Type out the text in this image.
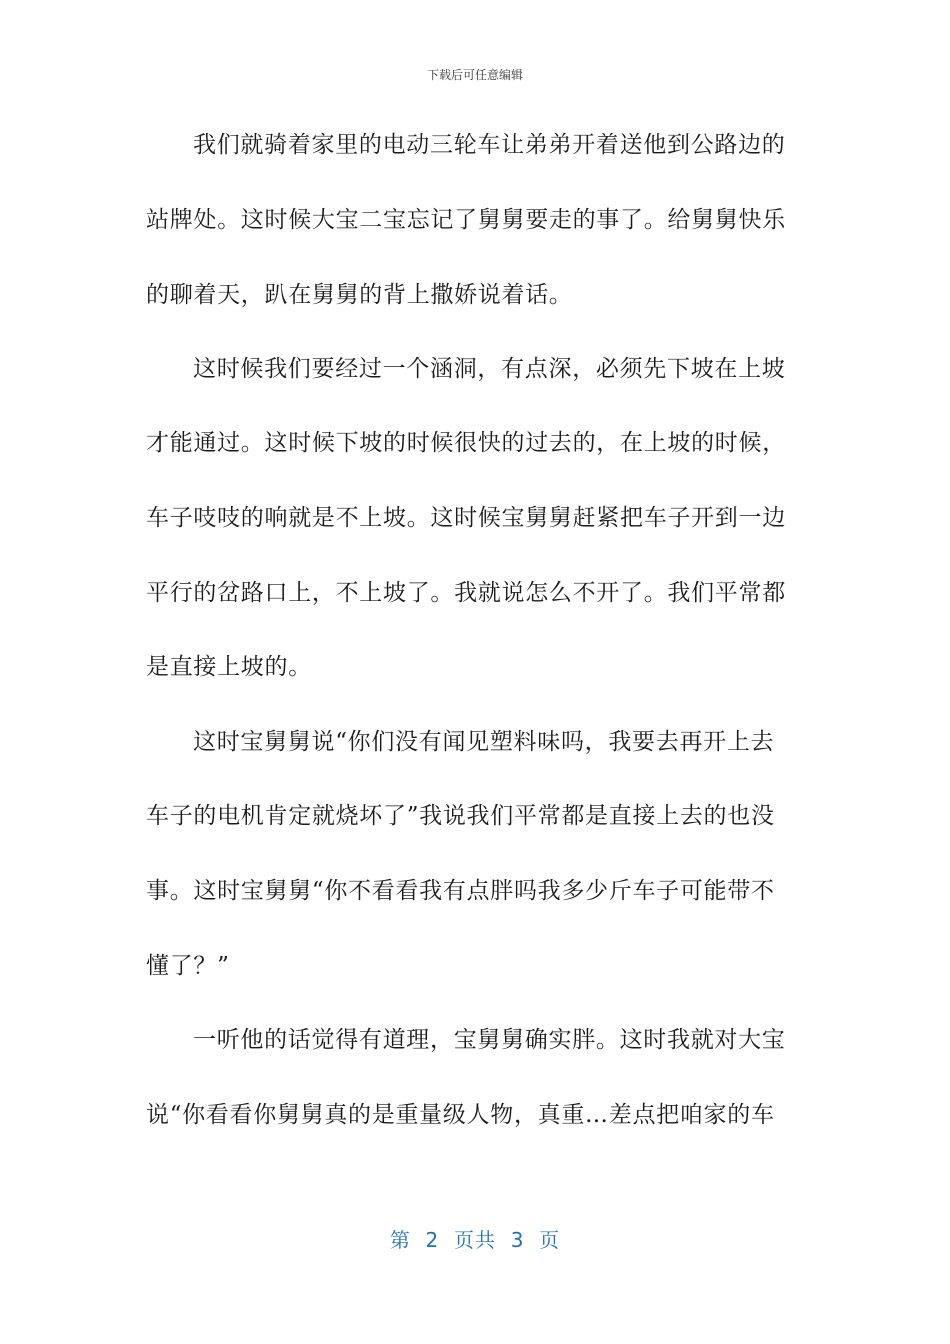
下载后可任意编辑
我们就骑着家里的电动三轮车让弟弟开着送他到公路边的
站牌处。这时候大宝二宝忘记了舅舅要走的事了。给舅舅快乐
的聊着天，趴在舅舅的背上撒娇说着话。
这时候我们要经过一个涵洞，有点深，必须先下坡在上坡
才能通过。这时候下坡的时候很快的过去的，在上坡的时候，
车子吱吱的响就是不上坡。这时候宝舅舅赶紧把车子开到一边
平行的岔路口上，不上坡了。我就说怎么不开了。我们平常都
是直接上坡的。
这时宝舅舅说“你们没有闻见塑料味吗，我要去再开上去
车子的电机肯定就烧坏了”我说我们平常都是直接上去的也没
事。这时宝舅舅“你不看看我有点胖吗我多少斤车子可能带不
懂了？”
一听他的话觉得有道理，宝舅舅确实胖。这时我就对大宝
说“你看看你舅舅真的是重量级人物，真重…差点把咱家的车
第  2  页共  3  页
